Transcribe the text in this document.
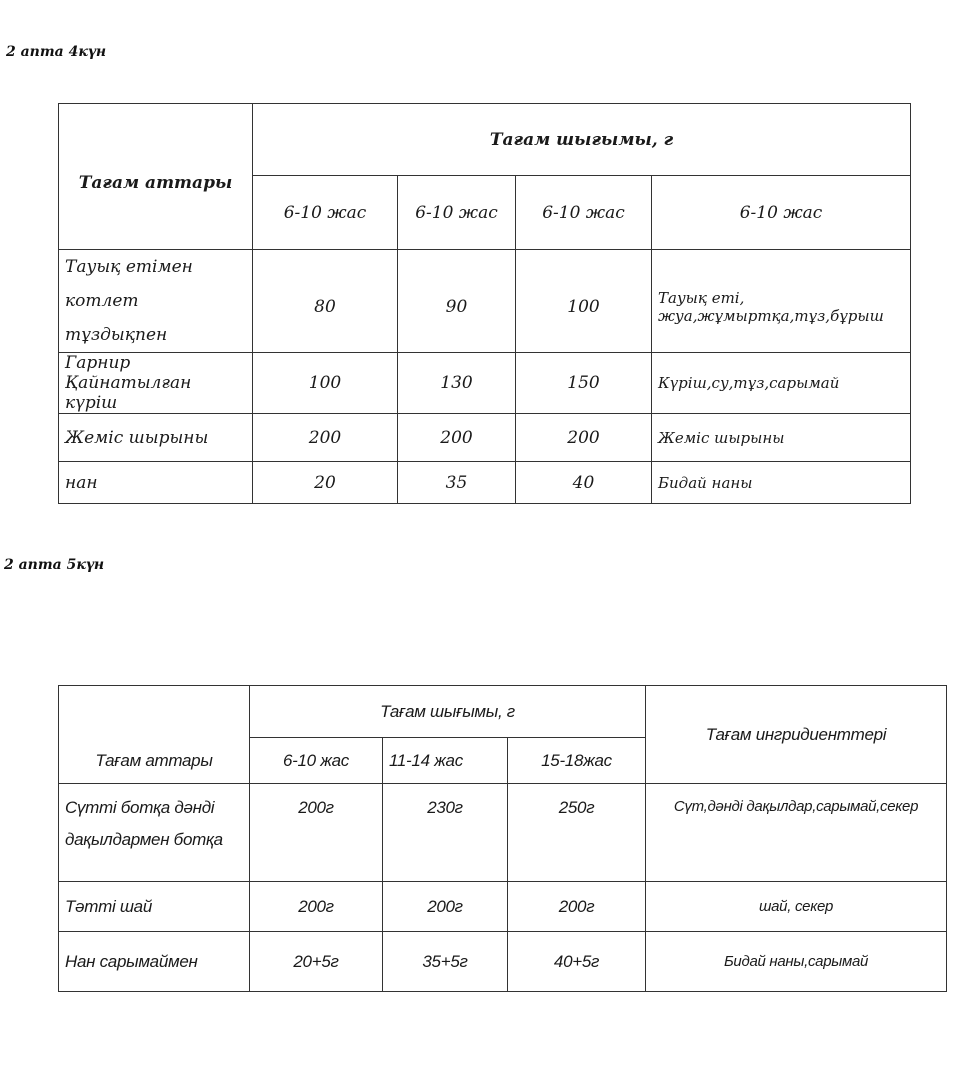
2 апта 4күн
Тағам аттары	Тағам шығымы, г			
	6-10 жас	6-10 жас	6-10 жас	6-10 жас
Тауық етімен котлет тұздықпен	80	90	100	Тауық еті, жуа,жұмыртқа,тұз,бұрыш
Гарнир Қайнатылған күріш	100	130	150	Күріш,су,тұз,сарымай
Жеміс шырыны	200	200	200	Жеміс шырыны
нан	20	35	40	Бидай наны
2 апта 5күн
Тағам аттары	Тағам шығымы, г			Тағам ингридиенттері
	6-10 жас	11-14 жас	15-18жас	
Сүтті ботқа дәнді дақылдармен ботқа	200г	230г	250г	Сүт,дәнді дақылдар,сарымай,секер
Тәтті шай	200г	200г	200г	шай, секер
Нан сарымаймен	20+5г	35+5г	40+5г	Бидай наны,сарымай
